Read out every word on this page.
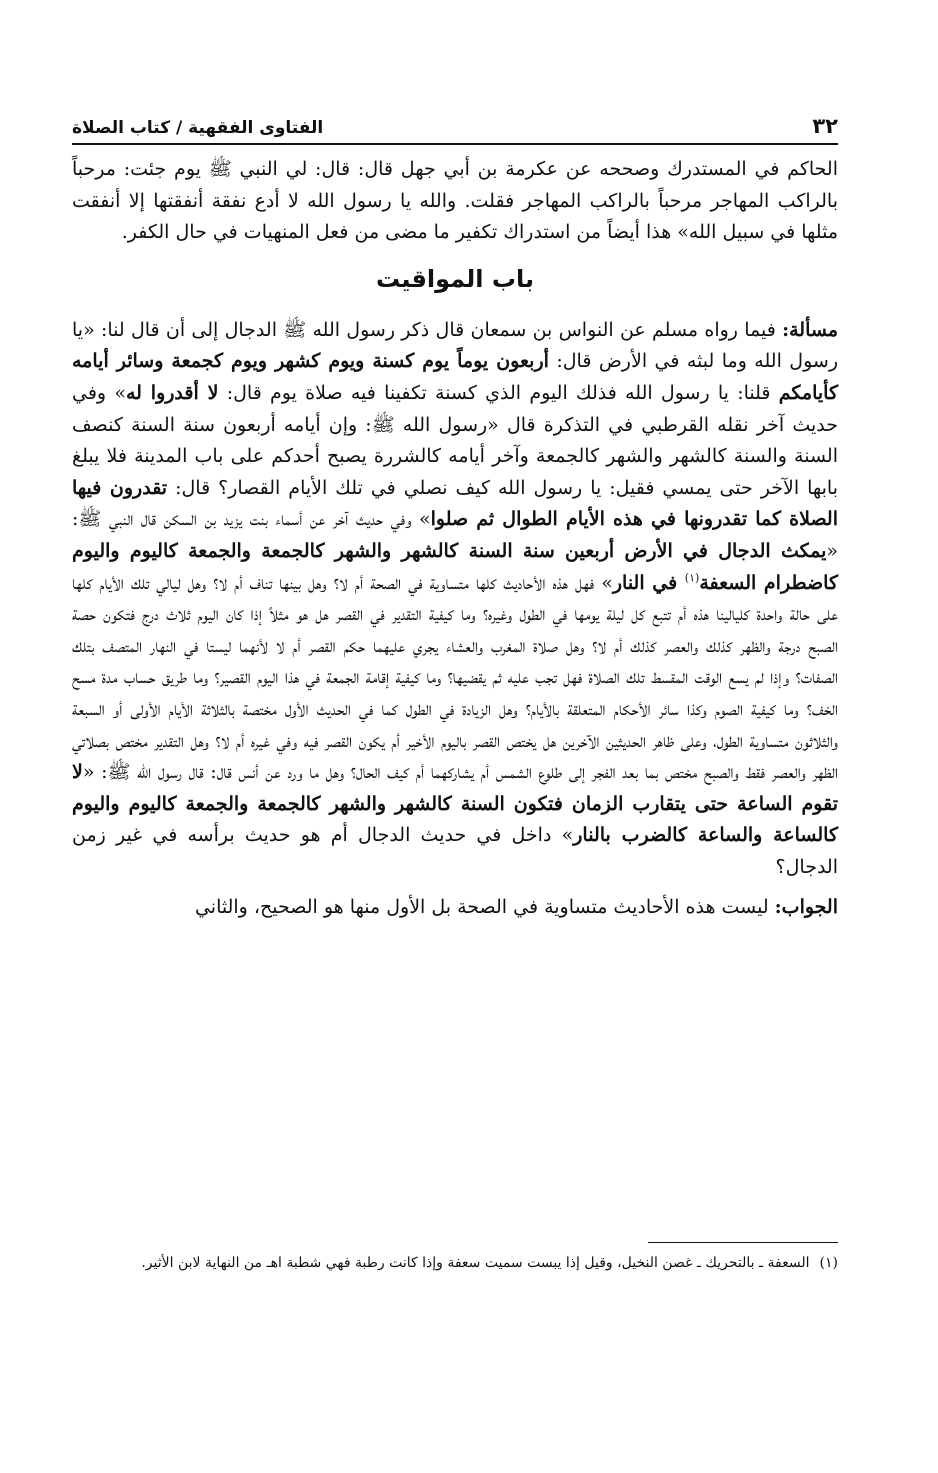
٣٢
الفتاوى الفقهية / كتاب الصلاة

الحاكم في المستدرك وصححه عن عكرمة بن أبي جهل قال: قال: لي النبي ﷺ يوم جئت: مرحباً بالراكب المهاجر مرحباً بالراكب المهاجر فقلت. والله يا رسول الله لا أدع نفقة أنفقتها إلا أنفقت مثلها في سبيل الله» هذا أيضاً من استدراك تكفير ما مضى من فعل المنهيات في حال الكفر.

باب المواقيت

مسألة: فيما رواه مسلم عن النواس بن سمعان قال ذكر رسول الله ﷺ الدجال إلى أن قال لنا: «يا رسول الله وما لبثه في الأرض قال: أربعون يوماً يوم كسنة ويوم كشهر ويوم كجمعة وسائر أيامه كأيامكم قلنا: يا رسول الله فذلك اليوم الذي كسنة تكفينا فيه صلاة يوم قال: لا أقدروا له» وفي حديث آخر نقله القرطبي في التذكرة قال «رسول الله ﷺ: وإن أيامه أربعون سنة السنة كنصف السنة والسنة كالشهر والشهر كالجمعة وآخر أيامه كالشررة يصبح أحدكم على باب المدينة فلا يبلغ بابها الآخر حتى يمسي فقيل: يا رسول الله كيف نصلي في تلك الأيام القصار؟ قال: تقدرون فيها الصلاة كما تقدرونها في هذه الأيام الطوال ثم صلوا» وفي حديث آخر عن أسماء بنت يزيد بن السكن قال النبي ﷺ: «يمكث الدجال في الأرض أربعين سنة السنة كالشهر والشهر كالجمعة والجمعة كاليوم واليوم كاضطرام السعفة$^{(١)}$ في النار» فهل هذه الأحاديث كلها متساوية في الصحة أم لا؟ وهل بينها تناف أم لا؟ وهل ليالي تلك الأيام كلها على حالة واحدة كليالينا هذه أم تتبع كل ليلة يومها في الطول وغيره؟ وما كيفية التقدير في القصر هل هو مثلاً إذا كان اليوم ثلاث درج فتكون حصة الصبح درجة والظهر كذلك والعصر كذلك أم لا؟ وهل صلاة المغرب والعشاء يجري عليهما حكم القصر أم لا لأنهما ليستا في النهار المتصف بتلك الصفات؟ وإذا لم يسع الوقت المقسط تلك الصلاة فهل تجب عليه ثم يقضيها؟ وما كيفية إقامة الجمعة في هذا اليوم القصير؟ وما طريق حساب مدة مسح الخف؟ وما كيفية الصوم وكذا سائر الأحكام المتعلقة بالأيام؟ وهل الزيادة في الطول كما في الحديث الأول مختصة بالثلاثة الأيام الأولى أو السبعة والثلاثون متساوية الطول، وعلى ظاهر الحديثين الآخرين هل يختص القصر باليوم الأخير أم يكون القصر فيه وفي غيره أم لا؟ وهل التقدير مختص بصلاتي الظهر والعصر فقط والصبح مختص بما بعد الفجر إلى طلوع الشمس أم يشاركهما أم كيف الحال؟ وهل ما ورد عن أنس قال: قال رسول الله ﷺ: «لا تقوم الساعة حتى يتقارب الزمان فتكون السنة كالشهر والشهر كالجمعة والجمعة كاليوم واليوم كالساعة والساعة كالضرب بالنار» داخل في حديث الدجال أم هو حديث برأسه في غير زمن الدجال؟

الجواب: ليست هذه الأحاديث متساوية في الصحة بل الأول منها هو الصحيح، والثاني

(١)السعفة ـ بالتحريك ـ غصن النخيل، وقيل إذا يبست سميت سعفة وإذا كانت رطبة فهي شطبة اهـ من النهاية لابن الأثير.
